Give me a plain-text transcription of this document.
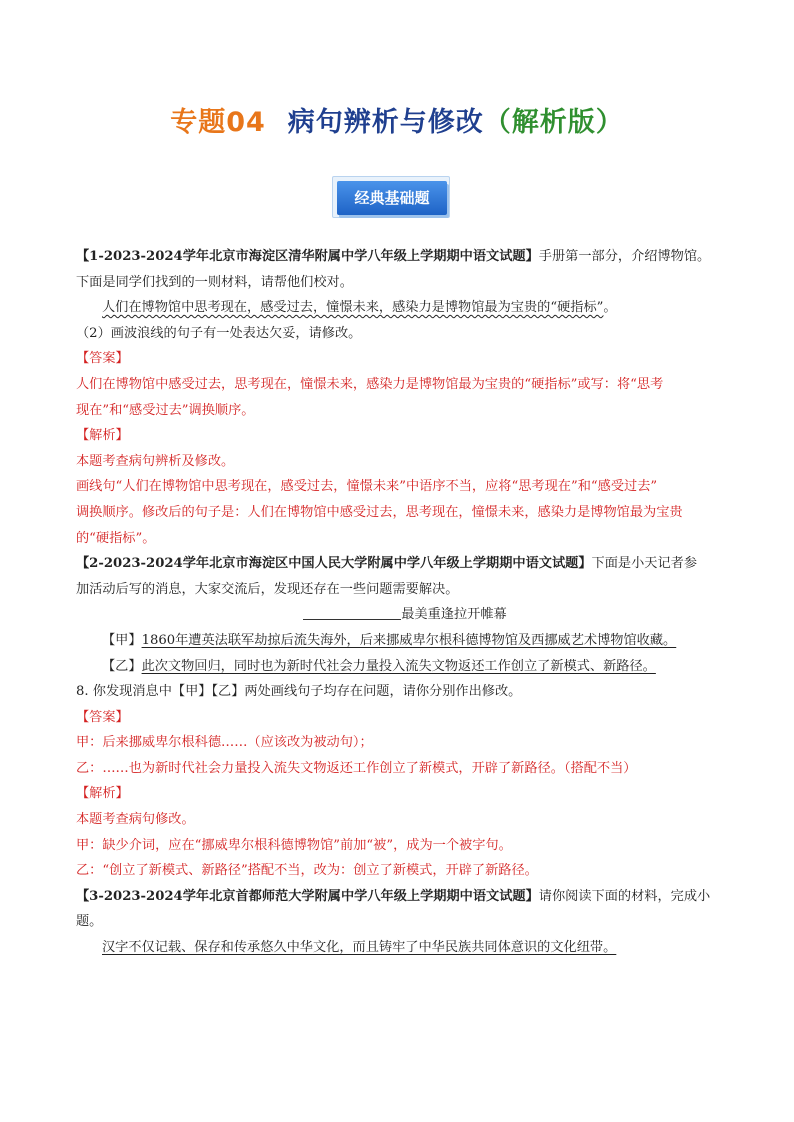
专题04 病句辨析与修改（解析版）
经典基础题
【1-2023-2024学年北京市海淀区清华附属中学八年级上学期期中语文试题】手册第一部分，介绍博物馆。
下面是同学们找到的一则材料，请帮他们校对。
人们在博物馆中思考现在，感受过去，憧憬未来，感染力是博物馆最为宝贵的“硬指标”。
（2）画波浪线的句子有一处表达欠妥，请修改。
【答案】
人们在博物馆中感受过去，思考现在，憧憬未来，感染力是博物馆最为宝贵的“硬指标”或写：将“思考
现在”和“感受过去”调换顺序。
【解析】
本题考查病句辨析及修改。
画线句“人们在博物馆中思考现在，感受过去，憧憬未来”中语序不当，应将“思考现在”和“感受过去”
调换顺序。修改后的句子是：人们在博物馆中感受过去，思考现在，憧憬未来，感染力是博物馆最为宝贵
的“硬指标”。
【2-2023-2024学年北京市海淀区中国人民大学附属中学八年级上学期期中语文试题】下面是小天记者参
加活动后写的消息，大家交流后，发现还存在一些问题需要解决。
最美重逢拉开帷幕
【甲】1860年遭英法联军劫掠后流失海外，后来挪威卑尔根科德博物馆及西挪威艺术博物馆收藏。
【乙】此次文物回归，同时也为新时代社会力量投入流失文物返还工作创立了新模式、新路径。
8. 你发现消息中【甲】【乙】两处画线句子均存在问题，请你分别作出修改。
【答案】
甲：后来挪威卑尔根科德……（应该改为被动句）；
乙：……也为新时代社会力量投入流失文物返还工作创立了新模式，开辟了新路径。（搭配不当）
【解析】
本题考查病句修改。
甲：缺少介词，应在“挪威卑尔根科德博物馆”前加“被”，成为一个被字句。
乙：“创立了新模式、新路径”搭配不当，改为：创立了新模式，开辟了新路径。
【3-2023-2024学年北京首都师范大学附属中学八年级上学期期中语文试题】请你阅读下面的材料，完成小
题。
汉字不仅记载、保存和传承悠久中华文化，而且铸牢了中华民族共同体意识的文化纽带。
